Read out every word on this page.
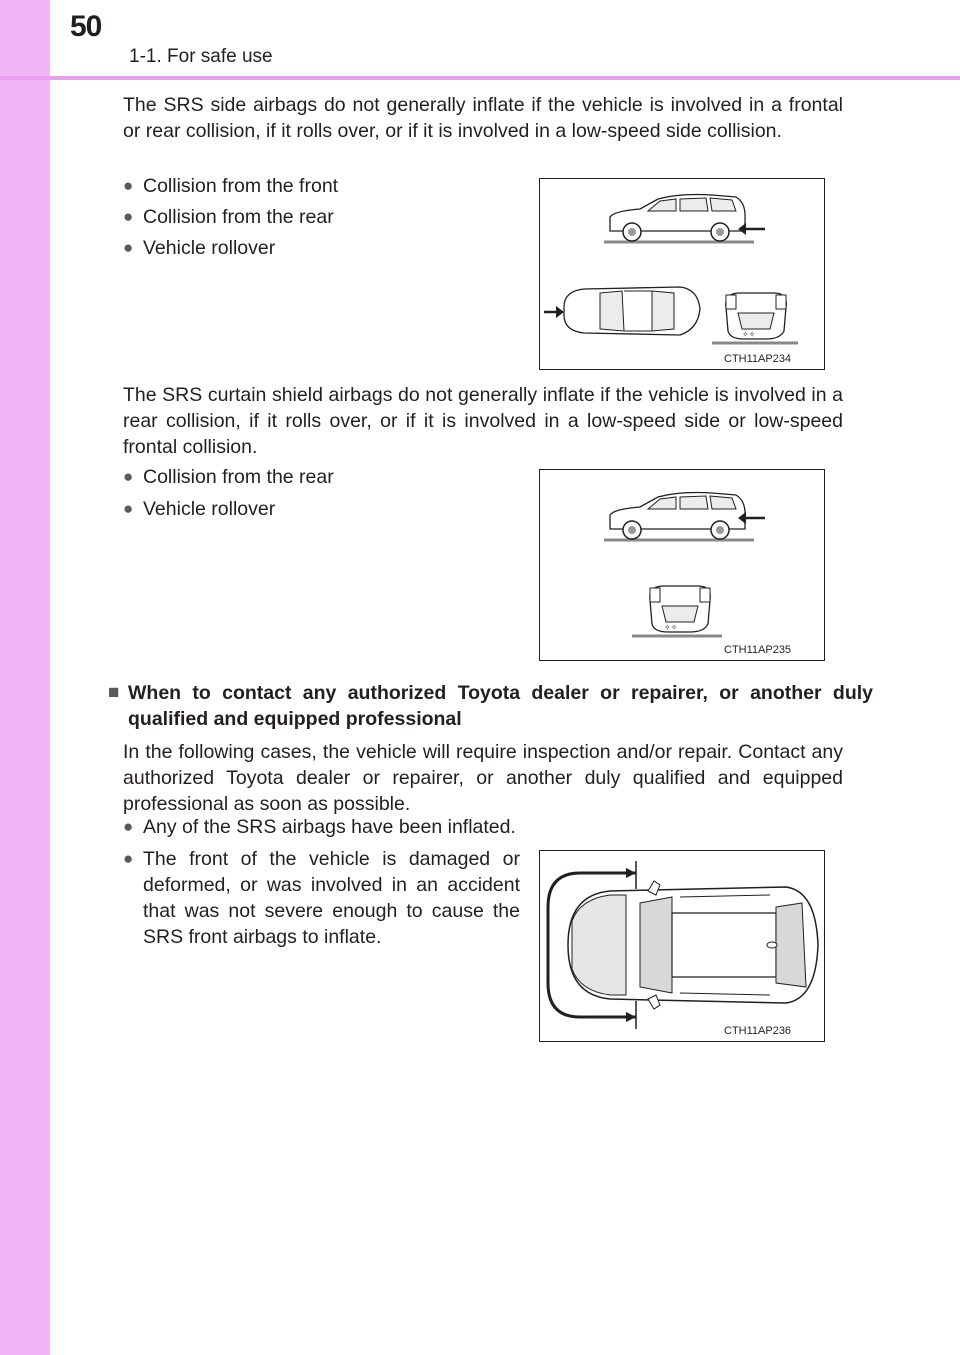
50
1-1. For safe use

The SRS side airbags do not generally inflate if the vehicle is involved in a frontal or rear collision, if it rolls over, or if it is involved in a low-speed side collision.

● Collision from the front

● Collision from the rear

● Vehicle rollover

✧✧
CTH11AP234

The SRS curtain shield airbags do not generally inflate if the vehicle is involved in a rear collision, if it rolls over, or if it is involved in a low-speed side or low-speed frontal collision.

● Collision from the rear

● Vehicle rollover

✧✧
CTH11AP235

■ When to contact any authorized Toyota dealer or repairer, or another duly qualified and equipped professional

In the following cases, the vehicle will require inspection and/or repair. Contact any authorized Toyota dealer or repairer, or another duly qualified and equipped professional as soon as possible.

● Any of the SRS airbags have been inflated.

● The front of the vehicle is damaged or deformed, or was involved in an accident that was not severe enough to cause the SRS front airbags to inflate.

CTH11AP236
